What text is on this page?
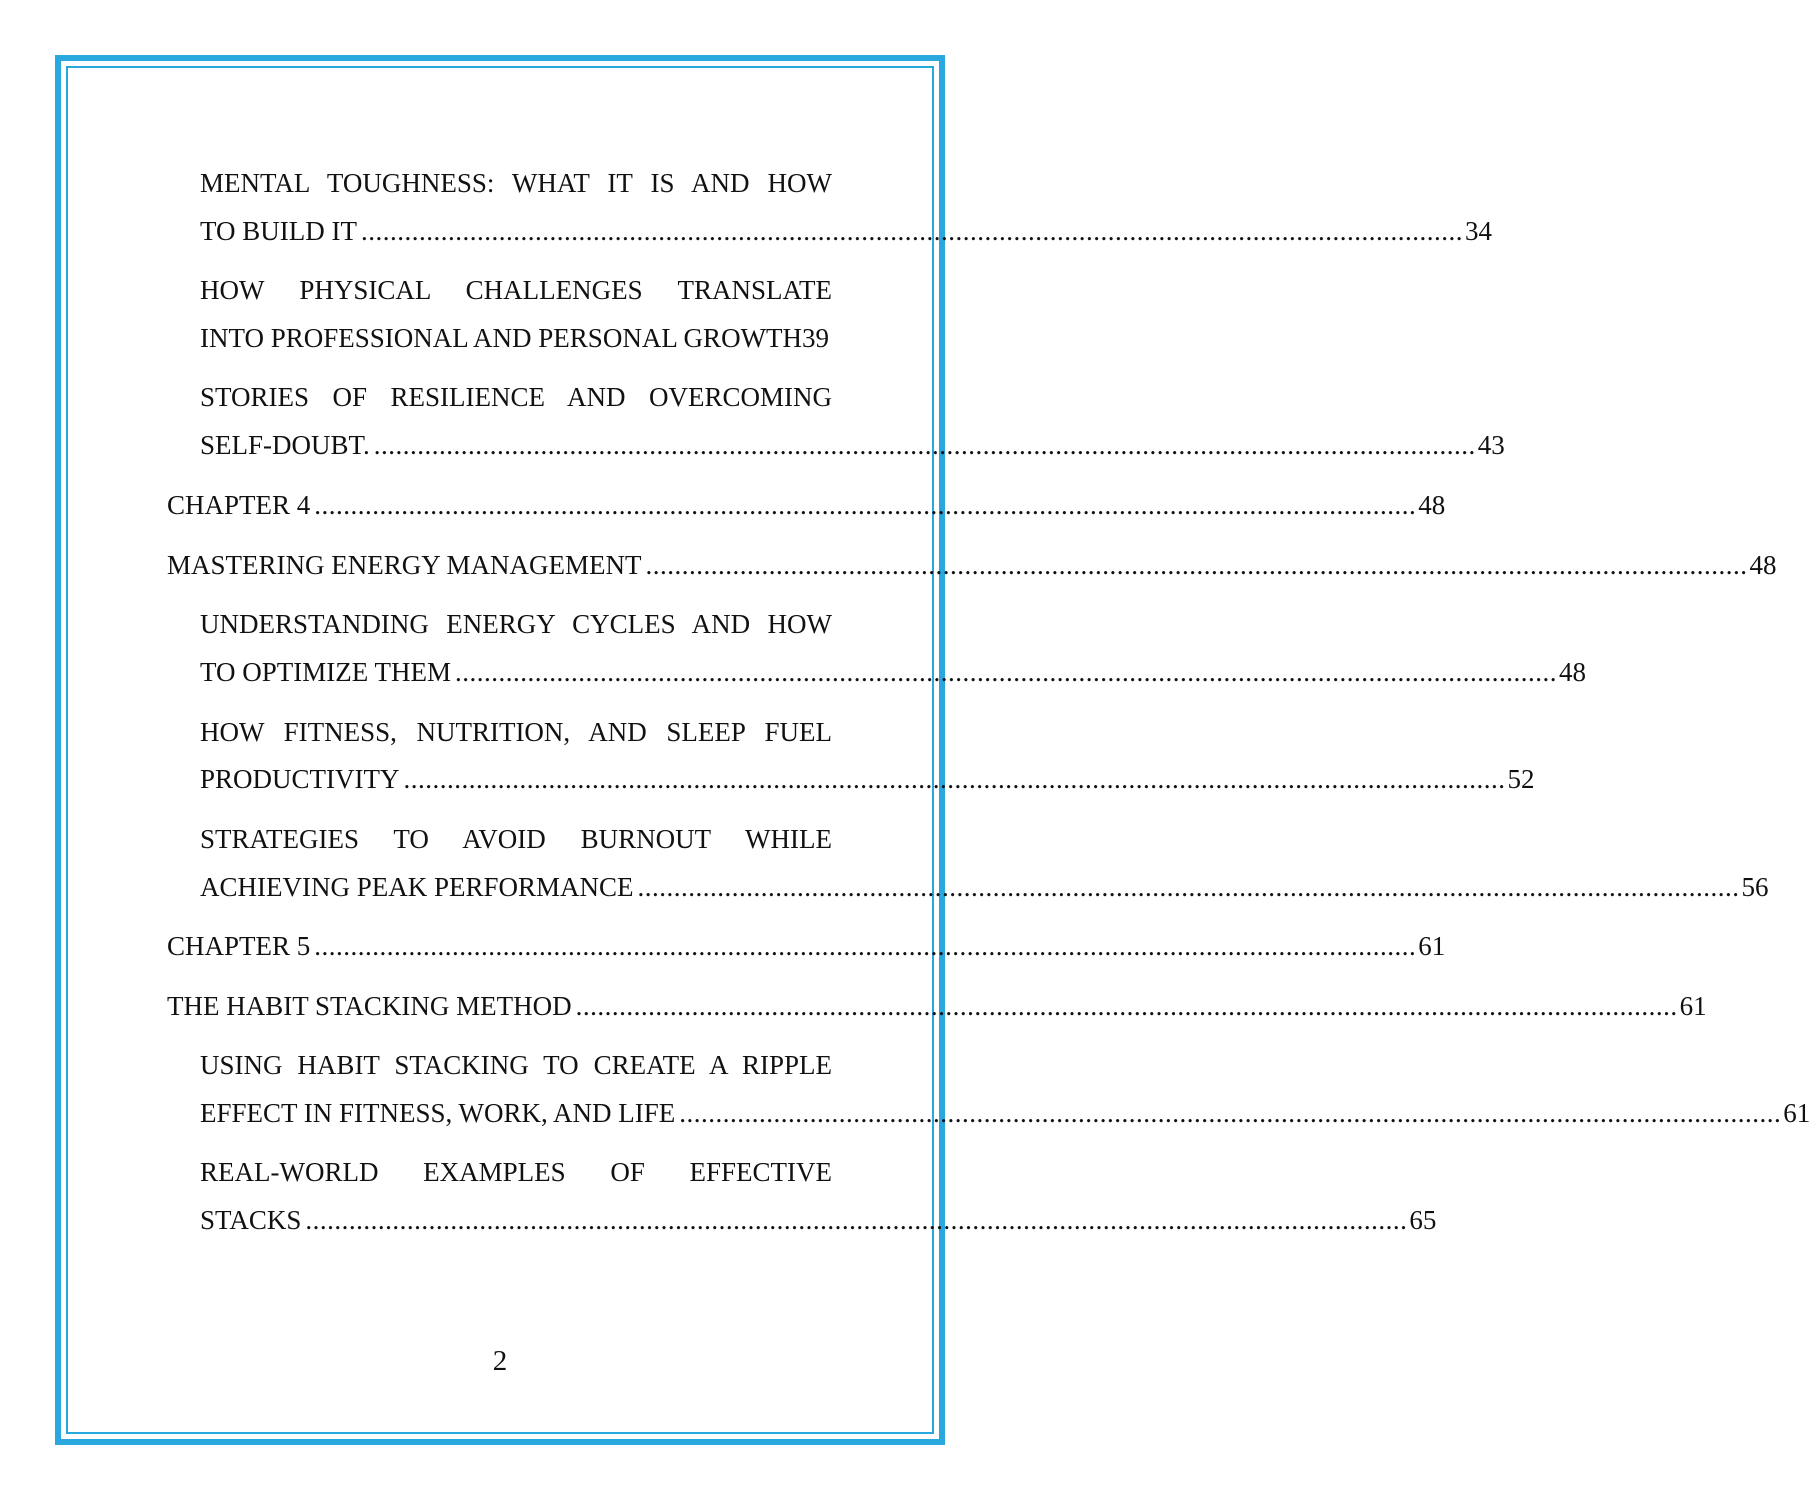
MENTAL TOUGHNESS: WHAT IT IS AND HOW
TO BUILD IT ........................................................................................................................................................ 34
HOW PHYSICAL CHALLENGES TRANSLATE
INTO PROFESSIONAL AND PERSONAL GROWTH39
STORIES OF RESILIENCE AND OVERCOMING
SELF-DOUBT. ........................................................................................................................................................ 43
CHAPTER 4 ........................................................................................................................................................ 48
MASTERING ENERGY MANAGEMENT ........................................................................................................................................................ 48
UNDERSTANDING ENERGY CYCLES AND HOW
TO OPTIMIZE THEM ........................................................................................................................................................ 48
HOW FITNESS, NUTRITION, AND SLEEP FUEL
PRODUCTIVITY ........................................................................................................................................................ 52
STRATEGIES TO AVOID BURNOUT WHILE
ACHIEVING PEAK PERFORMANCE ........................................................................................................................................................ 56
CHAPTER 5 ........................................................................................................................................................ 61
THE HABIT STACKING METHOD ........................................................................................................................................................ 61
USING HABIT STACKING TO CREATE A RIPPLE
EFFECT IN FITNESS, WORK, AND LIFE ........................................................................................................................................................ 61
REAL-WORLD EXAMPLES OF EFFECTIVE
STACKS ........................................................................................................................................................ 65
2
